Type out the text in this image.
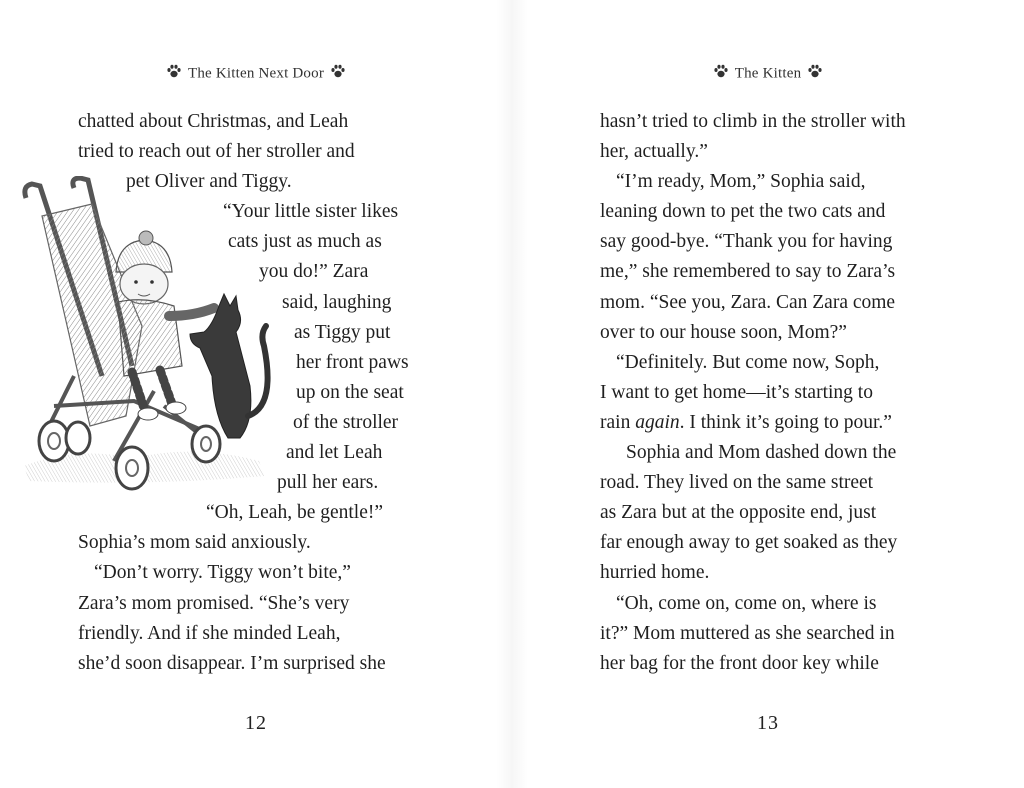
The Kitten Next Door
chatted about Christmas, and Leah
tried to reach out of her stroller and
pet Oliver and Tiggy.
“Your little sister likes
cats just as much as
you do!” Zara
said, laughing
as Tiggy put
her front paws
up on the seat
of the stroller
and let Leah
pull her ears.
“Oh, Leah, be gentle!”
Sophia’s mom said anxiously.
“Don’t worry. Tiggy won’t bite,”
Zara’s mom promised. “She’s very
friendly. And if she minded Leah,
she’d soon disappear. I’m surprised she
12
The Kitten
hasn’t tried to climb in the stroller with
her, actually.”
“I’m ready, Mom,” Sophia said,
leaning down to pet the two cats and
say good-bye. “Thank you for having
me,” she remembered to say to Zara’s
mom. “See you, Zara. Can Zara come
over to our house soon, Mom?”
“Definitely. But come now, Soph,
I want to get home—it’s starting to
rain again. I think it’s going to pour.”
Sophia and Mom dashed down the
road. They lived on the same street
as Zara but at the opposite end, just
far enough away to get soaked as they
hurried home.
“Oh, come on, come on, where is
it?” Mom muttered as she searched in
her bag for the front door key while
13
